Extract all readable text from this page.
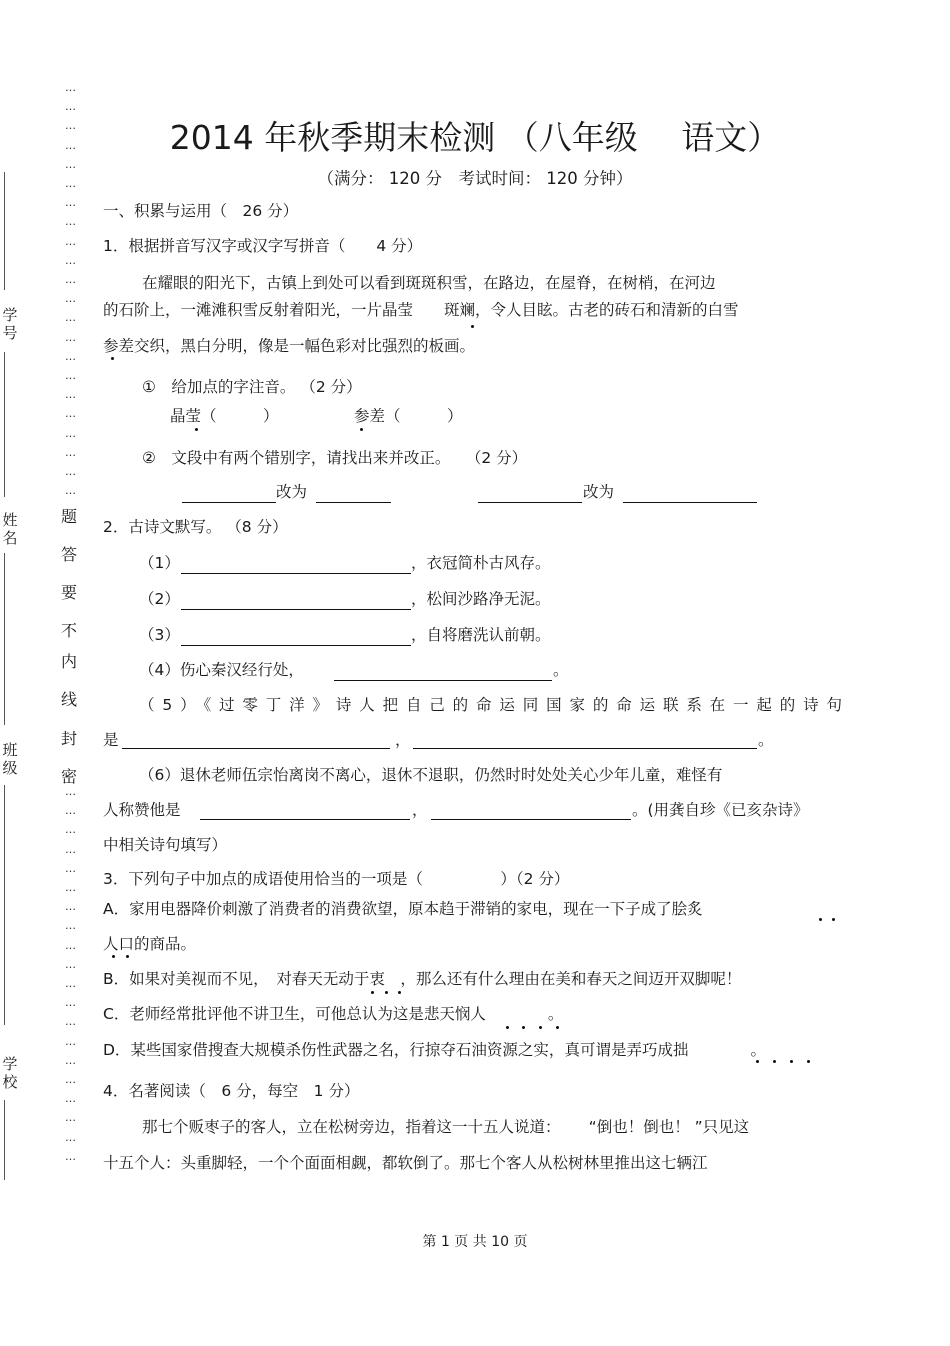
学号
姓名
班级
学校
…
…
…
…
…
…
…
…
…
…
…
…
…
…
…
…
…
…
…
…
…
…
题
答
要
不
内
线
封
密
…
…
…
…
…
…
…
…
…
…
…
…
…
…
…
…
…
…
…
…
2014 年秋季期末检测 （八年级　 语文）
（满分： 120 分　考试时间： 120 分钟）
一、积累与运用（　26 分）
1．根据拼音写汉字或汉字写拼音（　　4 分）
在耀眼的阳光下，古镇上到处可以看到斑斑积雪，在路边，在屋脊，在树梢，在河边
的石阶上，一滩滩积雪反射着阳光，一片晶莹　　斑斓，令人目眩。古老的砖石和清新的白雪
参差交织，黑白分明，像是一幅色彩对比强烈的板画。
①　给加点的字注音。 （2 分）
晶莹（　　　）	参差（　　　）
②　文段中有两个错别字，请找出来并改正。　　（2 分）
改为	改为
2．古诗文默写。 （8 分）
（1）	，衣冠简朴古风存。
（2）	，松间沙路净无泥。
（3）	，自将磨洗认前朝。
（4）伤心秦汉经行处，	。
（5）《过零丁洋》诗人把自己的命运同国家的命运联系在一起的诗句
是	，	。
（6）退休老师伍宗怡离岗不离心，退休不退职，仍然时时处处关心少年儿童，难怪有
人称赞他是	，	。(用龚自珍《已亥杂诗》
中相关诗句填写）
3．下列句子中加点的成语使用恰当的一项是（　　　　　）（2 分）
A．家用电器降价刺激了消费者的消费欲望，原本趋于滞销的家电，现在一下子成了脍炙
人口的商品。
B．如果对美视而不见，　对春天无动于衷　，那么还有什么理由在美和春天之间迈开双脚呢！
C．老师经常批评他不讲卫生，可他总认为这是悲天悯人　　　　。
D．某些国家借搜查大规模杀伤性武器之名，行掠夺石油资源之实，真可谓是弄巧成拙　　　　。
4．名著阅读（　6 分，每空　1 分）
那七个贩枣子的客人，立在松树旁边，指着这一十五人说道：　　 “倒也！倒也！ ”只见这
十五个人：头重脚轻，一个个面面相觑，都软倒了。那七个客人从松树林里推出这七辆江
第 1 页 共 10 页
